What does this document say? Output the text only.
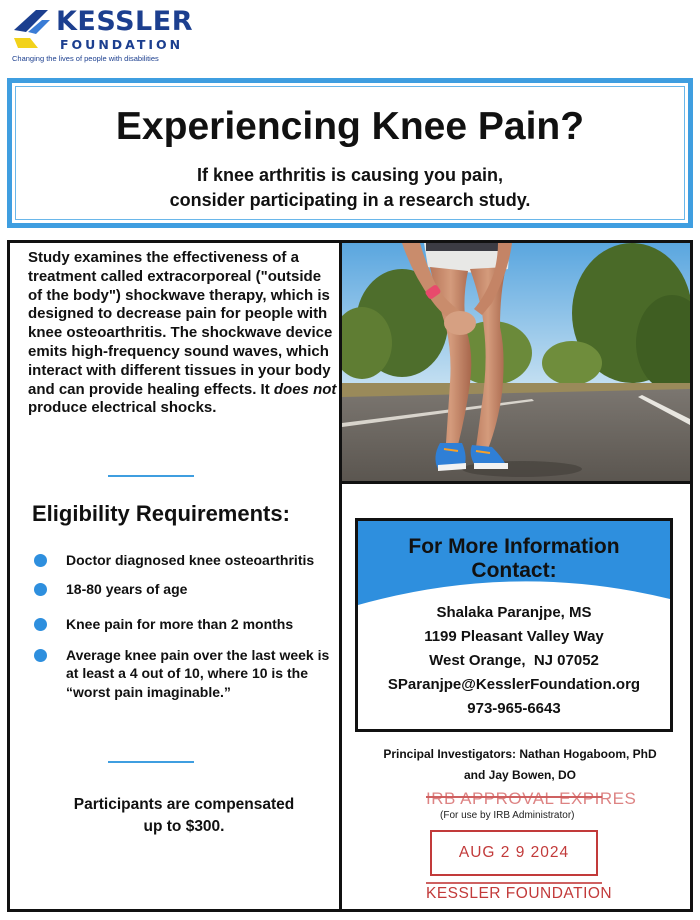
KESSLER
FOUNDATION
Changing the lives of people with disabilities
Experiencing Knee Pain?
If knee arthritis is causing you pain,
consider participating in a research study.
Study examines the effectiveness of a treatment called extracorporeal ("outside of the body") shockwave therapy, which is designed to decrease pain for people with knee osteoarthritis. The shockwave device emits high-frequency sound waves, which interact with different tissues in your body and can provide healing effects. It does not produce electrical shocks.
Eligibility Requirements:
Doctor diagnosed knee osteoarthritis
18-80 years of age
Knee pain for more than 2 months
Average knee pain over the last week is at least a 4 out of 10, where 10 is the “worst pain imaginable.”
Participants are compensated
up to $300.
For More Information
Contact:
Shalaka Paranjpe, MS
1199 Pleasant Valley Way
West Orange,  NJ 07052
SParanjpe@KesslerFoundation.org
973-965-6643
Principal Investigators: Nathan Hogaboom, PhD
and Jay Bowen, DO
IRB APPROVAL EXPIRES
(For use by IRB Administrator)
AUG 2 9 2024
KESSLER FOUNDATION
